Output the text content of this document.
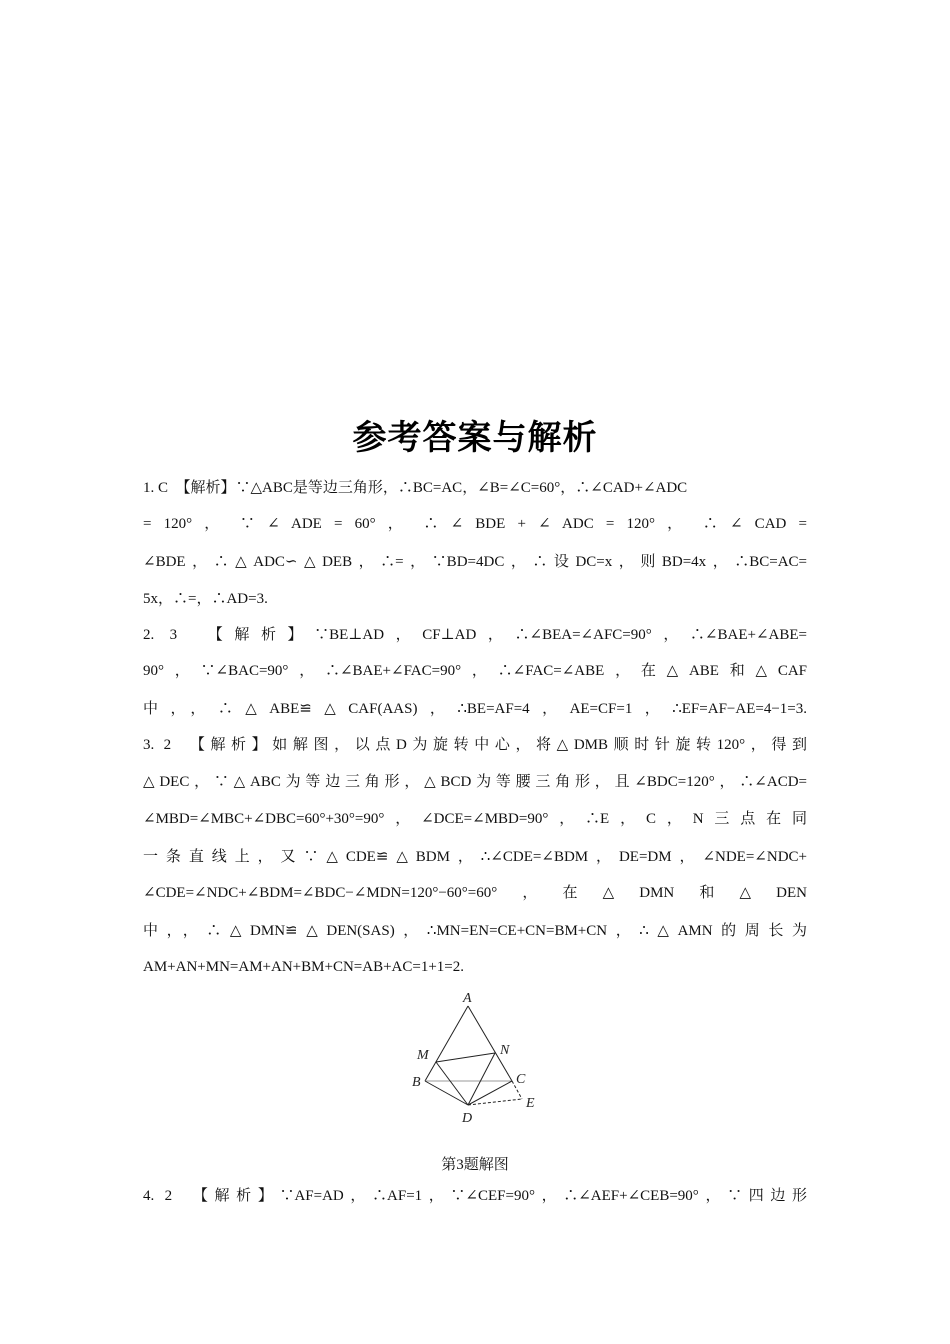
参考答案与解析
1. C　【解析】∵△ABC是等边三角形，∴BC=AC，∠B=∠C=60°，∴∠CAD+∠ADC
= 120° ， ∵ ∠ ADE = 60° ， ∴ ∠ BDE + ∠ ADC = 120° ， ∴ ∠ CAD =
∠BDE，∴△ADC∽△DEB，∴=，∵BD=4DC，∴设DC=x，则BD=4x，∴BC=AC=
5x，∴=，∴AD=3.
2. 3　【解析】∵BE⊥AD，CF⊥AD，∴∠BEA=∠AFC=90°，∴∠BAE+∠ABE=
90°，∵∠BAC=90°，∴∠BAE+∠FAC=90°，∴∠FAC=∠ABE，在△ABE和△CAF
中，，∴△ABE≌△CAF(AAS)，∴BE=AF=4，AE=CF=1，∴EF=AF−AE=4−1=3.
3. 2　【解析】如解图，以点D为旋转中心，将△DMB顺时针旋转120°，得到
△DEC，∵△ABC为等边三角形，△BCD为等腰三角形，且∠BDC=120°，∴∠ACD=
∠MBD=∠MBC+∠DBC=60°+30°=90°，∠DCE=∠MBD=90°，∴E，C，N三点在同
一条直线上，又∵△CDE≌△BDM，∴∠CDE=∠BDM，DE=DM，∠NDE=∠NDC+
∠CDE=∠NDC+∠BDM=∠BDC−∠MDN=120°−60°=60°，在△DMN和△DEN
中，，∴△DMN≌△DEN(SAS)，∴MN=EN=CE+CN=BM+CN，∴△AMN的周长为
AM+AN+MN=AM+AN+BM+CN=AB+AC=1+1=2.
A
M	N
B	C
D
E
第3题解图
4. 2　【解析】∵AF=AD，∴AF=1，∵∠CEF=90°，∴∠AEF+∠CEB=90°，∵四边形
